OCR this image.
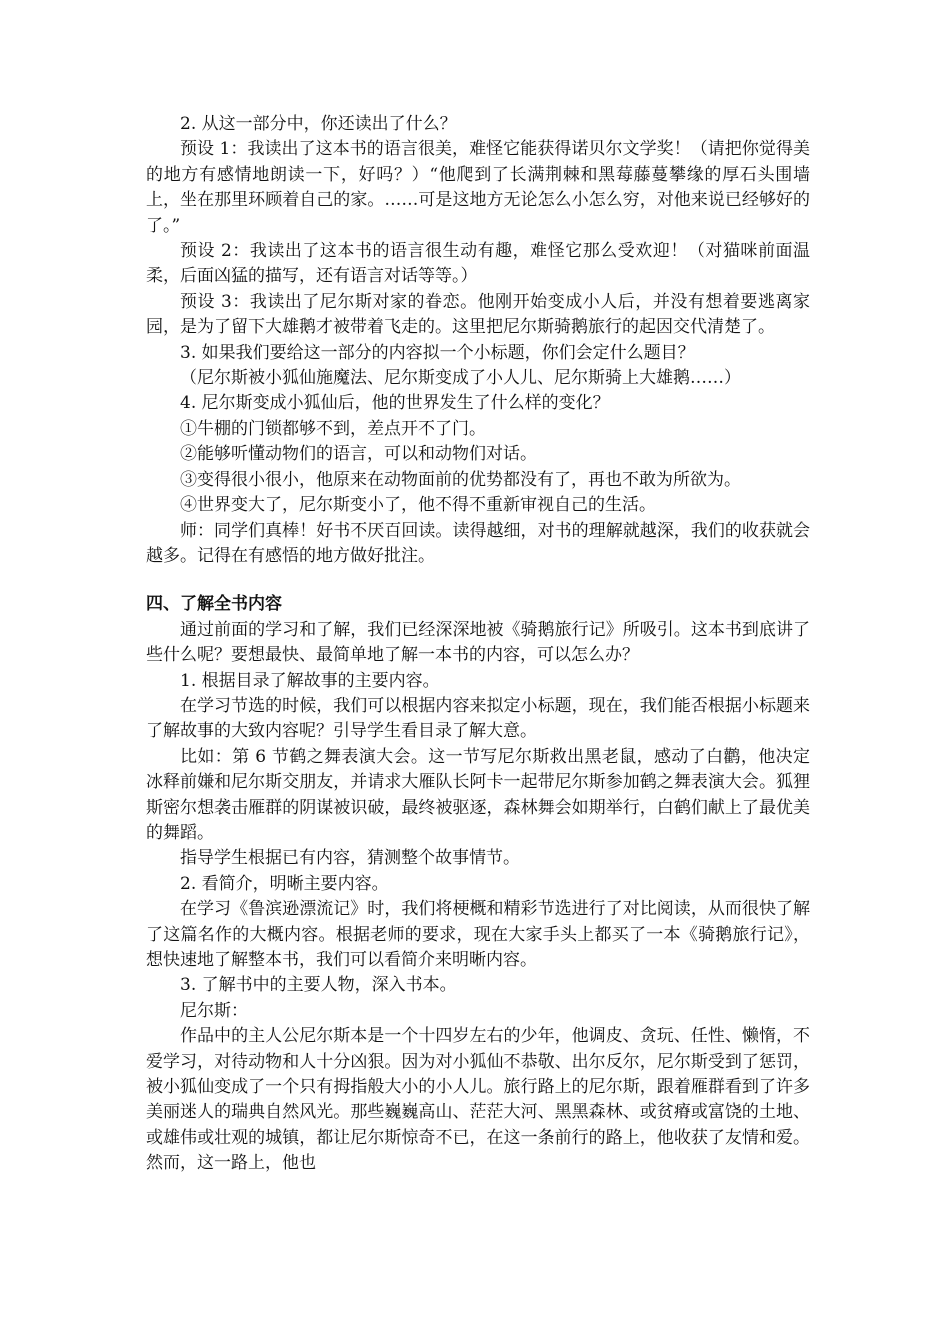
2. 从这一部分中，你还读出了什么？

预设 1：我读出了这本书的语言很美，难怪它能获得诺贝尔文学奖！（请把你觉得美的地方有感情地朗读一下，好吗？）“他爬到了长满荆棘和黑莓藤蔓攀缘的厚石头围墙上，坐在那里环顾着自己的家。……可是这地方无论怎么小怎么穷，对他来说已经够好的了。”

预设 2：我读出了这本书的语言很生动有趣，难怪它那么受欢迎！（对猫咪前面温柔，后面凶猛的描写，还有语言对话等等。）

预设 3：我读出了尼尔斯对家的眷恋。他刚开始变成小人后，并没有想着要逃离家园，是为了留下大雄鹅才被带着飞走的。这里把尼尔斯骑鹅旅行的起因交代清楚了。

3. 如果我们要给这一部分的内容拟一个小标题，你们会定什么题目？

（尼尔斯被小狐仙施魔法、尼尔斯变成了小人儿、尼尔斯骑上大雄鹅……）

4. 尼尔斯变成小狐仙后，他的世界发生了什么样的变化？

①牛棚的门锁都够不到，差点开不了门。

②能够听懂动物们的语言，可以和动物们对话。

③变得很小很小，他原来在动物面前的优势都没有了，再也不敢为所欲为。

④世界变大了，尼尔斯变小了，他不得不重新审视自己的生活。

师：同学们真棒！好书不厌百回读。读得越细，对书的理解就越深，我们的收获就会越多。记得在有感悟的地方做好批注。

四、了解全书内容

通过前面的学习和了解，我们已经深深地被《骑鹅旅行记》所吸引。这本书到底讲了些什么呢？要想最快、最简单地了解一本书的内容，可以怎么办？

1. 根据目录了解故事的主要内容。

在学习节选的时候，我们可以根据内容来拟定小标题，现在，我们能否根据小标题来了解故事的大致内容呢？引导学生看目录了解大意。

比如：第 6 节鹤之舞表演大会。这一节写尼尔斯救出黑老鼠，感动了白鹳，他决定冰释前嫌和尼尔斯交朋友，并请求大雁队长阿卡一起带尼尔斯参加鹤之舞表演大会。狐狸斯密尔想袭击雁群的阴谋被识破，最终被驱逐，森林舞会如期举行，白鹤们献上了最优美的舞蹈。

指导学生根据已有内容，猜测整个故事情节。

2. 看简介，明晰主要内容。

在学习《鲁滨逊漂流记》时，我们将梗概和精彩节选进行了对比阅读，从而很快了解了这篇名作的大概内容。根据老师的要求，现在大家手头上都买了一本《骑鹅旅行记》，想快速地了解整本书，我们可以看简介来明晰内容。

3. 了解书中的主要人物，深入书本。

尼尔斯：

作品中的主人公尼尔斯本是一个十四岁左右的少年，他调皮、贪玩、任性、懒惰，不爱学习，对待动物和人十分凶狠。因为对小狐仙不恭敬、出尔反尔，尼尔斯受到了惩罚，被小狐仙变成了一个只有拇指般大小的小人儿。旅行路上的尼尔斯，跟着雁群看到了许多美丽迷人的瑞典自然风光。那些巍巍高山、茫茫大河、黑黑森林、或贫瘠或富饶的土地、或雄伟或壮观的城镇，都让尼尔斯惊奇不已，在这一条前行的路上，他收获了友情和爱。然而，这一路上，他也
